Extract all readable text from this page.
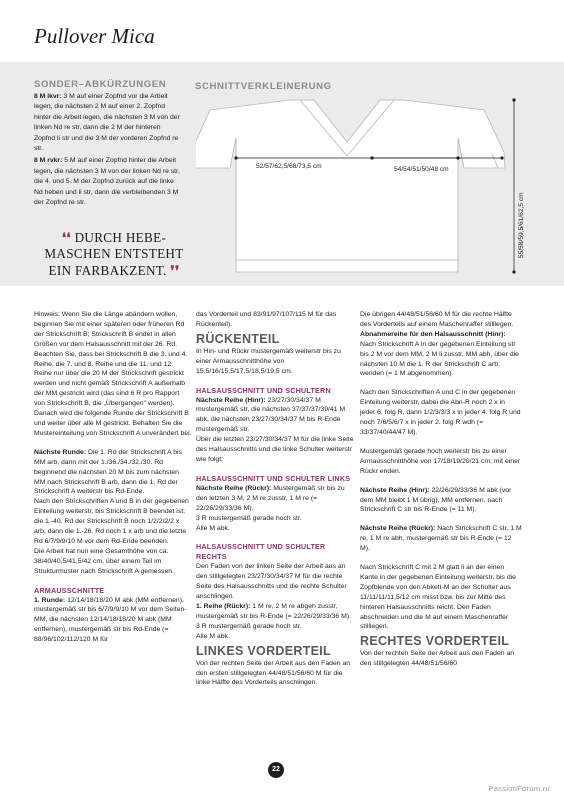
Pullover Mica
SONDER–ABKÜRZUNGEN

8 M lkvr: 3 M auf einer Zopfnd vor die Arbeit legen, die nächsten 2 M auf einer 2. Zopfnd hinter die Arbeit legen, die nächsten 3 M von der linken Nd re str, dann die 2 M der hinteren Zopfnd li str und die 3 M der vorderen Zopfnd re str.

8 M rvkr: 5 M auf einer Zopfnd hinter die Arbeit legen, die nächsten 3 M von der linken Nd re str, die 4. und 5. M der Zopfnd zurück auf die linke Nd heben und li str, dann die verbleibenden 3 M der Zopfnd re str.

❛❛ DURCH HEBE-
MASCHEN ENTSTEHT
EIN FARBAKZENT. ❜❜
SCHNITTVERKLEINERUNG
52/57/62,5/68/73,5 cm	54/54/51/50/48 cm
55/58/59,5/61/62,5 cm

Hinweis: Wenn Sie die Länge abändern wollen, beginnen Sie mit einer späteren oder früheren Rd der Strickschrift B; Strickschrift B endet in allen Größen vor dem Halsausschnitt mit der 26. Rd.

Beachten Sie, dass bei Strickschrift B die 3. und 4. Reihe, die 7. und 8. Reihe und die 11. und 12. Reihe nur über die 20 M der Strickschrift gestrickt werden und nicht gemäß Strickschrift A außerhalb der MM gestrickt wird (das sind 6 R pro Rapport von Strickschrift B, die „Übergangen" werden). Danach wird die folgende Runde der Strickschrift B und weiter über alle M gestrickt. Behalten Sie die Mustereinteilung von Strickschrift A unverändert bei.

Nächste Runde: Die 1. Rd der Strickschrift A bis MM arb, dann mit der 1./36./34./32./30. Rd beginnend die nächsten 20 M bis zum nächsten MM nach Strickschrift B arb, dann die 1. Rd der Strickschrift A weiterstr bis Rd-Ende.

Nach den Strickschriften A und B in der gegebenen Einteilung weiterstr, bis Strickschrift B beendet ist; die 1.-40. Rd der Strickschrift B noch 1/2/2/2/2 x arb, dann die 1.-26. Rd noch 1 x arb und die letzte Rd 6/7/9/9/10 M vor dem Rd-Ende beenden.

Die Arbeit hat nun eine Gesamthöhe von ca. 38/40/40,5/41,5/42 cm, über einem Teil im Strukturmuster nach Strickschrift A gemessen.

ARMAUSSCHNITTE

1. Runde: 12/14/18/18/20 M abk (MM entfernen), mustergemäß str bis 6/7/9/9/10 M vor dem Seiten-MM, die nächsten 12/14/18/18/20 M abk (MM entfernen), mustergemäß str bis Rd-Ende (= 88/96/102/112/120 M für

das Vorderteil und 83/91/97/107/115 M für das Rückenteil).

RÜCKENTEIL

In Hin- und Rückr mustergemäß weiterstr bis zu einer Armausschnitthöhe von 15,5/16/15,5/17,5/18,5/19,5 cm.

HALSAUSSCHNITT UND SCHULTERN

Nächste Reihe (Hinr): 23/27/30/34/37 M mustergemäß str, die nächsten 37/37/37/39/41 M abk, die nächsten 23/27/30/34/37 M bis R-Ende mustergemäß str.

Über die letzten 23/27/30/34/37 M für die linke Seite des Halsausschnitts und die linke Schulter weiterstr wie folgt:

HALSAUSSCHNITT UND SCHULTER LINKS

Nächste Reihe (Rückr): Mustergemäß str bis zu den letzten 3 M, 2 M re zusstr, 1 M re (= 22/26/29/33/36 M).

3 R mustergemäß gerade hoch str.

Alle M abk.

HALSAUSSCHNITT UND SCHULTER RECHTS

Den Faden von der linken Seite der Arbeit aus an den stillgelegten 23/27/30/34/37 M für die rechte Seite des Halsausschnitts und die rechte Schulter anschlingen.

1. Reihe (Rückr): 1 M re, 2 M re abgeh zusstr, mustergemäß str bis R-Ende (= 22/26/29/33/36 M).

3 R mustergemäß gerade hoch str.

Alle M abk.

LINKES VORDERTEIL

Von der rechten Seite der Arbeit aus den Faden an den ersten stillgelegten 44/48/51/56/60 M für die linke Hälfte des Vorderteils anschlingen.

Die übrigen 44/48/51/56/60 M für die rechte Hälfte des Vorderteils auf einem Maschenraffer stilllegen.

Abnahmereihe für den Halsausschnitt (Hinr): Nach Strickschrift A in der gegebenen Einteilung str bis 2 M vor dem MM, 2 M li zusstr, MM abh, über die nächsten 10 M die 1. R der Strickschrift C arb; wenden (= 1 M abgenommen).

Nach den Strickschriften A und C in der gegebenen Einteilung weiterstr, dabei die Abn-R noch 2 x in jeder 6. folg R, dann 1/2/3/3/3 x in jeder 4. folg R und noch 7/6/5/6/7 x in jeder 2. folg R wdh (= 33/37/40/44/47 M).

Mustergemäß gerade hoch weiterstr bis zu einer Armausschnitthöhe von 17/18/19/20/21 cm; mit einer Rückr enden.

Nächste Reihe (Hinr): 22/26/29/33/36 M abk (vor dem MM bleibt 1 M übrig), MM entfernen, nach Strickschrift C str bis R-Ende (= 11 M).

Nächste Reihe (Rückr): Nach Strickschrift C str, 1 M re, 1 M re abh, mustergemäß str bis R-Ende (= 12 M).

Nach Strickschrift C mit 2 M glatt li an der einen Kante in der gegebenen Einteilung weiterstr, bis die Zopfblende von den Abkett-M an der Schulter aus 11/11/11/11,5/12 cm misst bzw. bis zur Mitte des hinteren Halsausschnitts reicht. Den Faden abschneiden und die M auf einem Maschenraffer stilllegen.

RECHTES VORDERTEIL

Von der rechten Seite der Arbeit aus den Faden an den stillgelegten 44/48/51/56/60

22
PassionForum.ru
